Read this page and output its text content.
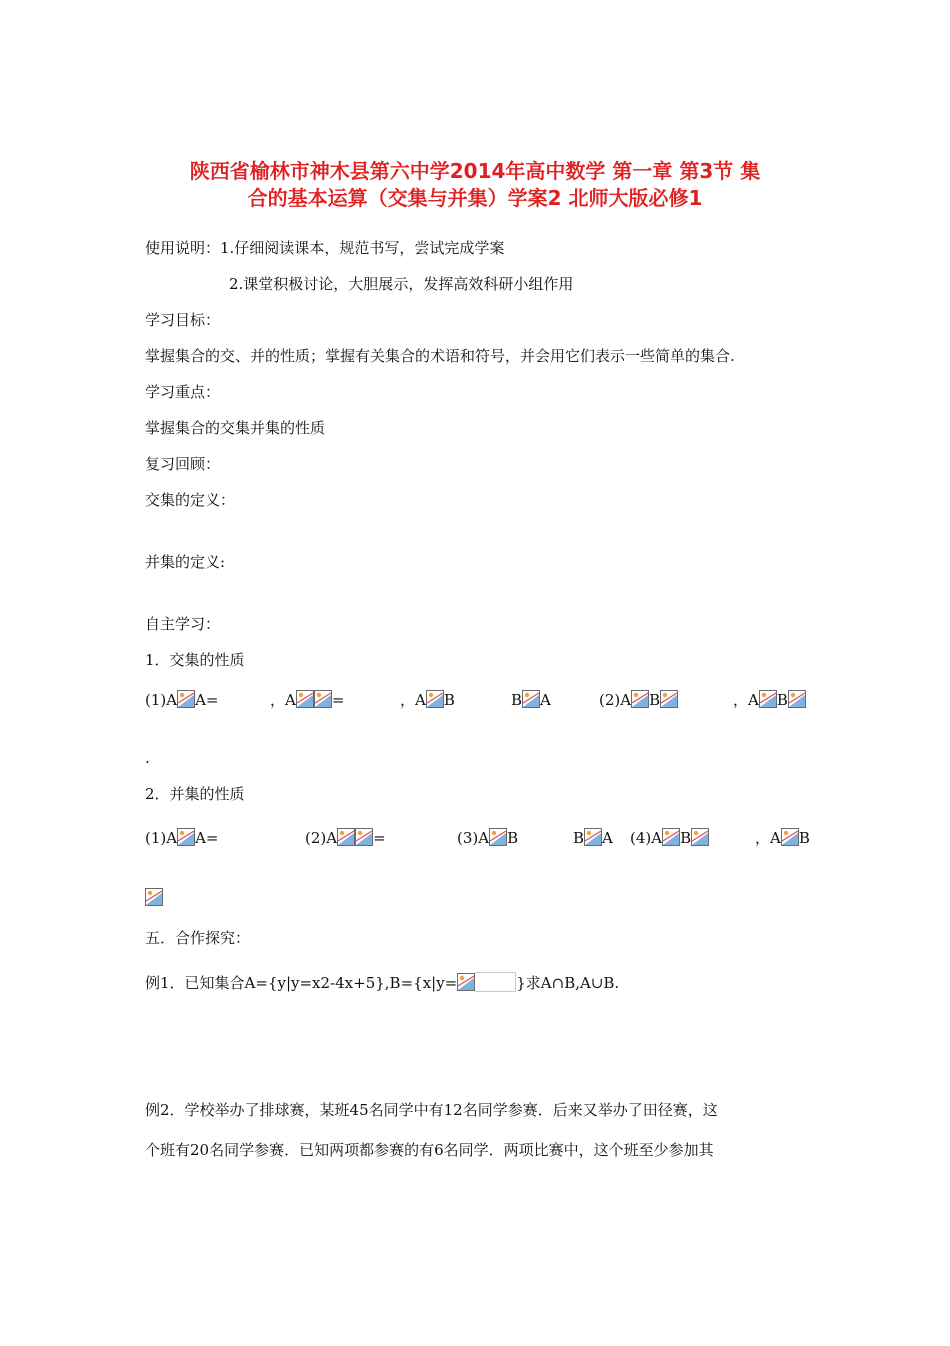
陕西省榆林市神木县第六中学2014年高中数学 第一章 第3节 集
合的基本运算（交集与并集）学案2 北师大版必修1
使用说明：1.仔细阅读课本，规范书写，尝试完成学案
2.课堂积极讨论，大胆展示，发挥高效科研小组作用
学习目标：
掌握集合的交、并的性质；掌握有关集合的术语和符号，并会用它们表示一些简单的集合.
学习重点：
掌握集合的交集并集的性质
复习回顾：
交集的定义：
并集的定义:
自主学习：
1．交集的性质
(1)A A=	，A =	，A B	B A	(2)A B	，A B
.
2．并集的性质
(1)A A=	(2)A =	(3)A B	B A (4)A B	，A B
五．合作探究：
例1．已知集合A={y|y=x2-4x+5},B={x|y=	}求A∩B,A∪B.
例2．学校举办了排球赛，某班45名同学中有12名同学参赛．后来又举办了田径赛，这
个班有20名同学参赛．已知两项都参赛的有6名同学．两项比赛中，这个班至少参加其
